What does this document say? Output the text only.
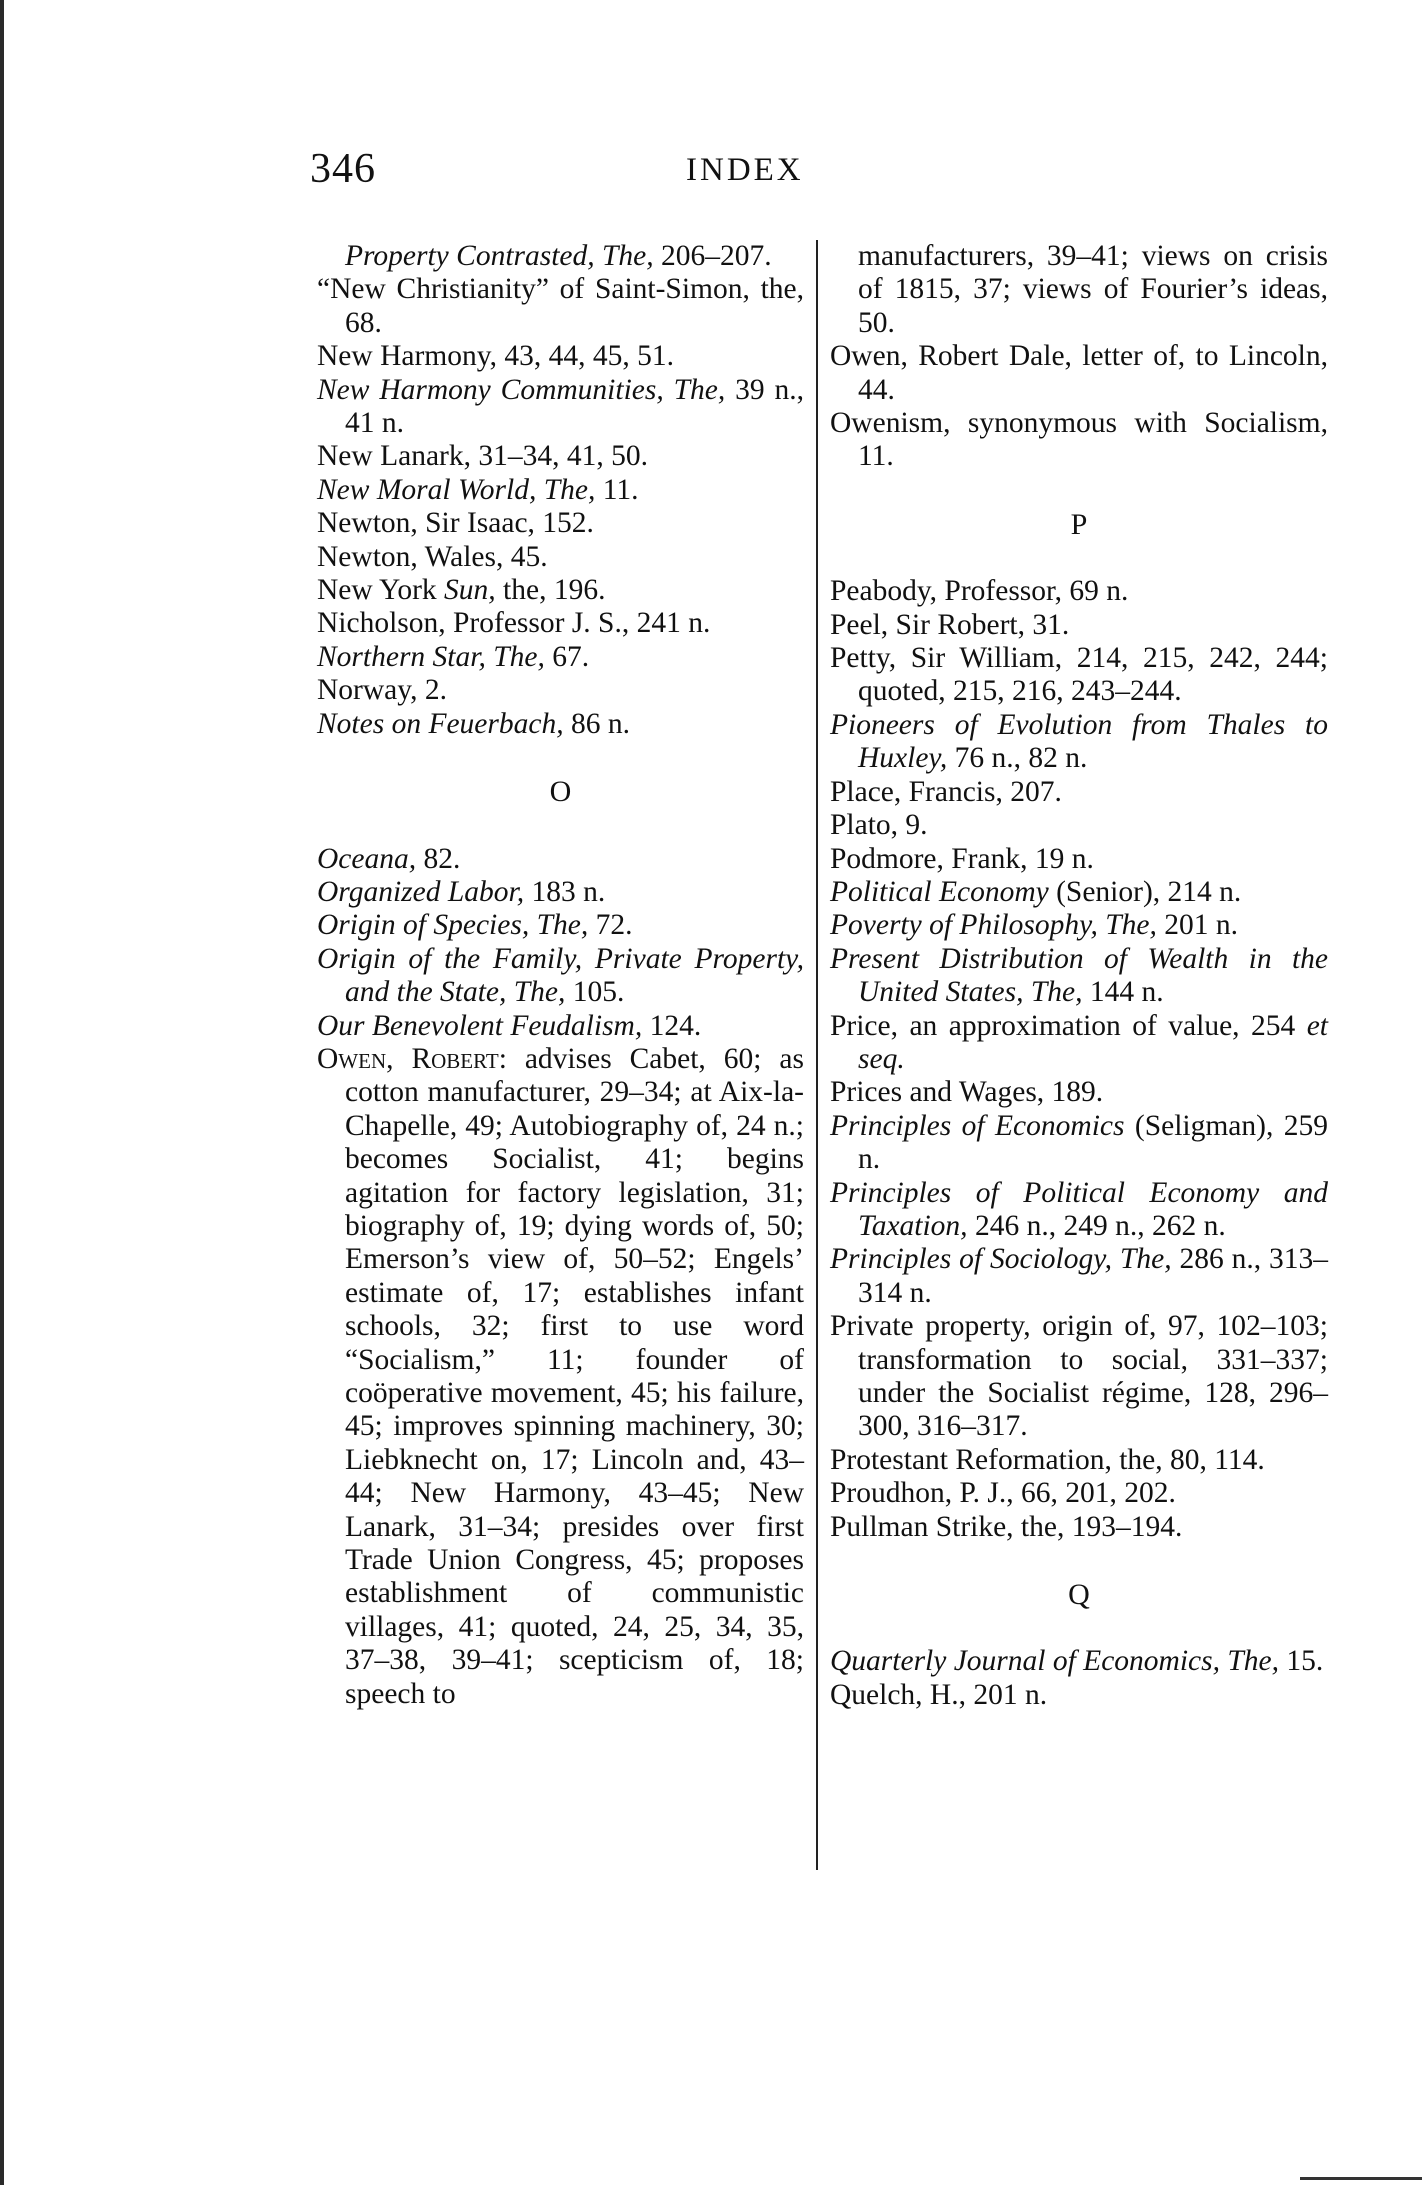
346	INDEX
Property Contrasted, The, 206–207.
“New Christianity” of Saint-Simon, the, 68.
New Harmony, 43, 44, 45, 51.
New Harmony Communities, The, 39 n., 41 n.
New Lanark, 31–34, 41, 50.
New Moral World, The, 11.
Newton, Sir Isaac, 152.
Newton, Wales, 45.
New York Sun, the, 196.
Nicholson, Professor J. S., 241 n.
Northern Star, The, 67.
Norway, 2.
Notes on Feuerbach, 86 n.
O
Oceana, 82.
Organized Labor, 183 n.
Origin of Species, The, 72.
Origin of the Family, Private Property, and the State, The, 105.
Our Benevolent Feudalism, 124.
Owen, Robert: advises Cabet, 60; as cotton manufacturer, 29–34; at Aix-la-Chapelle, 49; Autobiography of, 24 n.; becomes Socialist, 41; begins agitation for factory legislation, 31; biography of, 19; dying words of, 50; Emerson’s view of, 50–52; Engels’ estimate of, 17; establishes infant schools, 32; first to use word “Socialism,” 11; founder of coöperative movement, 45; his failure, 45; improves spinning machinery, 30; Liebknecht on, 17; Lincoln and, 43–44; New Harmony, 43–45; New Lanark, 31–34; presides over first Trade Union Congress, 45; proposes establishment of communistic villages, 41; quoted, 24, 25, 34, 35, 37–38, 39–41; scepticism of, 18; speech to
manufacturers, 39–41; views on crisis of 1815, 37; views of Fourier’s ideas, 50.
Owen, Robert Dale, letter of, to Lincoln, 44.
Owenism, synonymous with Socialism, 11.
P
Peabody, Professor, 69 n.
Peel, Sir Robert, 31.
Petty, Sir William, 214, 215, 242, 244; quoted, 215, 216, 243–244.
Pioneers of Evolution from Thales to Huxley, 76 n., 82 n.
Place, Francis, 207.
Plato, 9.
Podmore, Frank, 19 n.
Political Economy (Senior), 214 n.
Poverty of Philosophy, The, 201 n.
Present Distribution of Wealth in the United States, The, 144 n.
Price, an approximation of value, 254 et seq.
Prices and Wages, 189.
Principles of Economics (Seligman), 259 n.
Principles of Political Economy and Taxation, 246 n., 249 n., 262 n.
Principles of Sociology, The, 286 n., 313–314 n.
Private property, origin of, 97, 102–103; transformation to social, 331–337; under the Socialist régime, 128, 296–300, 316–317.
Protestant Reformation, the, 80, 114.
Proudhon, P. J., 66, 201, 202.
Pullman Strike, the, 193–194.
Q
Quarterly Journal of Economics, The, 15.
Quelch, H., 201 n.
